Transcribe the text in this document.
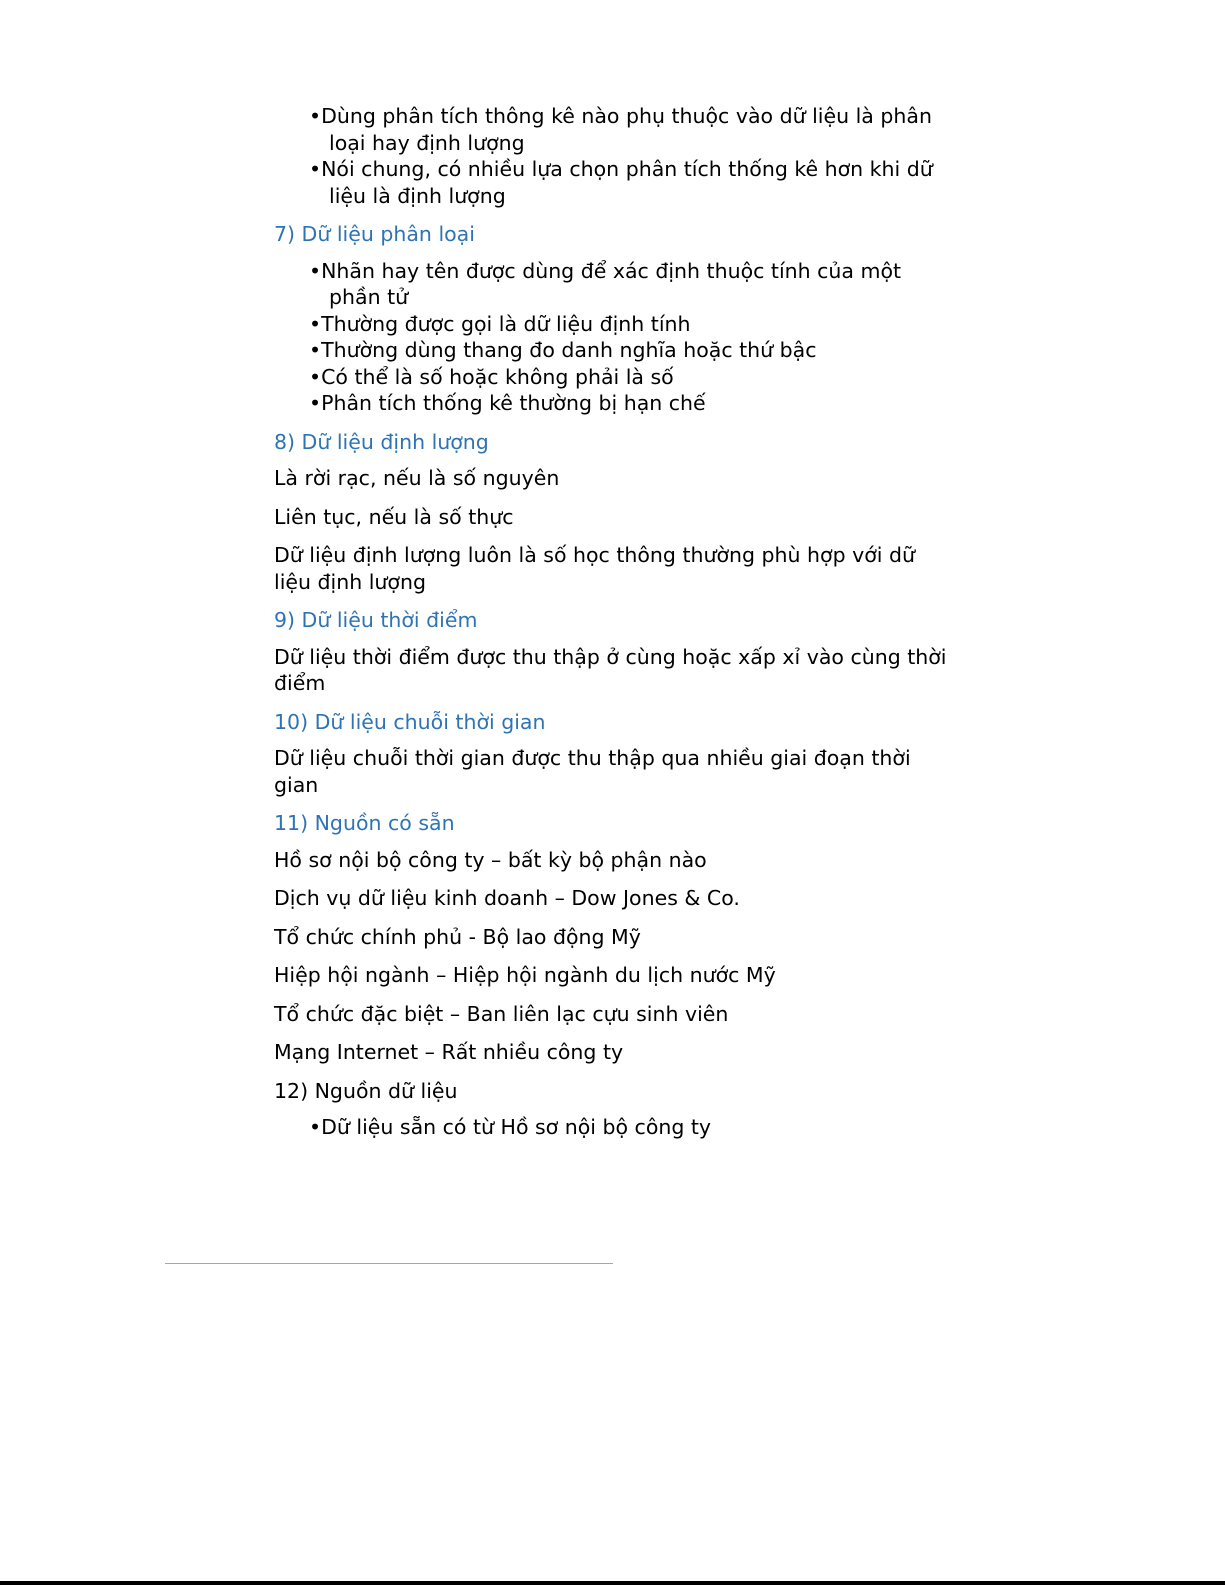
•Dùng phân tích thông kê nào phụ thuộc vào dữ liệu là phân loại hay định lượng
•Nói chung, có nhiều lựa chọn phân tích thống kê hơn khi dữ liệu là định lượng
7) Dữ liệu phân loại
•Nhãn hay tên được dùng để xác định thuộc tính của một phần tử
•Thường được gọi là dữ liệu định tính
•Thường dùng thang đo danh nghĩa hoặc thứ bậc
•Có thể là số hoặc không phải là số
•Phân tích thống kê thường bị hạn chế
8) Dữ liệu định lượng
Là rời rạc, nếu là số nguyên
Liên tục, nếu là số thực
Dữ liệu định lượng luôn là số học thông thường phù hợp với dữ liệu định lượng
9) Dữ liệu thời điểm
Dữ liệu thời điểm được thu thập ở cùng hoặc xấp xỉ vào cùng thời điểm
10) Dữ liệu chuỗi thời gian
Dữ liệu chuỗi thời gian được thu thập qua nhiều giai đoạn thời gian
11) Nguồn có sẵn
Hồ sơ nội bộ công ty – bất kỳ bộ phận nào
Dịch vụ dữ liệu kinh doanh – Dow Jones & Co.
Tổ chức chính phủ - Bộ lao động Mỹ
Hiệp hội ngành – Hiệp hội ngành du lịch nước Mỹ
Tổ chức đặc biệt – Ban liên lạc cựu sinh viên
Mạng Internet – Rất nhiều công ty
12) Nguồn dữ liệu
•Dữ liệu sẵn có từ Hồ sơ nội bộ công ty
